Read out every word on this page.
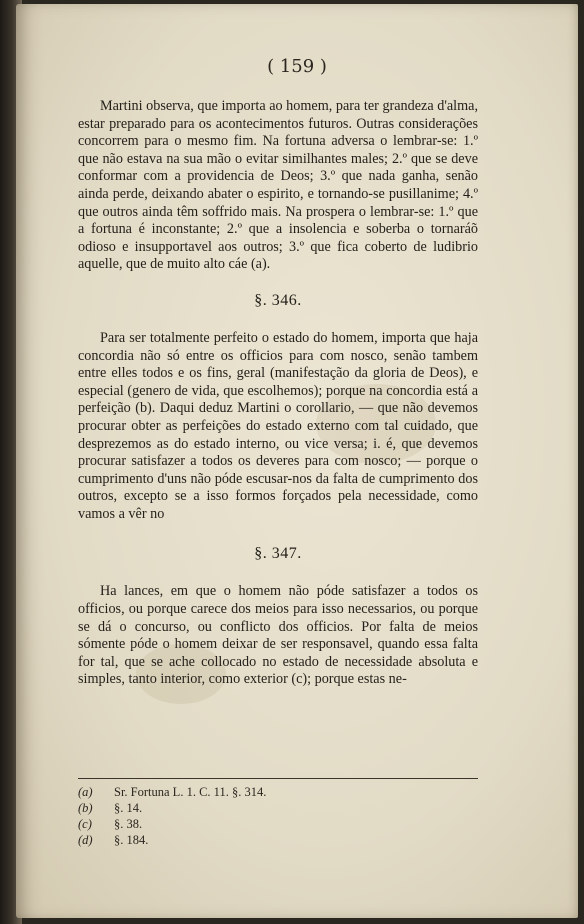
( 159 )

Martini observa, que importa ao homem, para ter grandeza d'alma, estar preparado para os acontecimentos futuros. Outras considerações concorrem para o mesmo fim. Na fortuna adversa o lembrar-se: 1.º que não estava na sua mão o evitar similhantes males; 2.º que se deve conformar com a providencia de Deos; 3.º que nada ganha, senão ainda perde, deixando abater o espirito, e tornando-se pusillanime; 4.º que outros ainda têm soffrido mais. Na prospera o lembrar-se: 1.º que a fortuna é inconstante; 2.º que a insolencia e soberba o tornaráõ odioso e insupportavel aos outros; 3.º que fica coberto de ludibrio aquelle, que de muito alto cáe (a).

§. 346.

Para ser totalmente perfeito o estado do homem, importa que haja concordia não só entre os officios para com nosco, senão tambem entre elles todos e os fins, geral (manifestação da gloria de Deos), e especial (genero de vida, que escolhemos); porque na concordia está a perfeição (b). Daqui deduz Martini o corollario, — que não devemos procurar obter as perfeições do estado externo com tal cuidado, que desprezemos as do estado interno, ou vice versa; i. é, que devemos procurar satisfazer a todos os deveres para com nosco; — porque o cumprimento d'uns não póde escusar-nos da falta de cumprimento dos outros, excepto se a isso formos forçados pela necessidade, como vamos a vêr no

§. 347.

Ha lances, em que o homem não póde satisfazer a todos os officios, ou porque carece dos meios para isso necessarios, ou porque se dá o concurso, ou conflicto dos officios. Por falta de meios sómente póde o homem deixar de ser responsavel, quando essa falta for tal, que se ache collocado no estado de necessidade absoluta e simples, tanto interior, como exterior (c); porque estas ne-

(a)	Sr. Fortuna L. 1. C. 11. §. 314.
(b)	§. 14.
(c)	§. 38.
(d)	§. 184.
